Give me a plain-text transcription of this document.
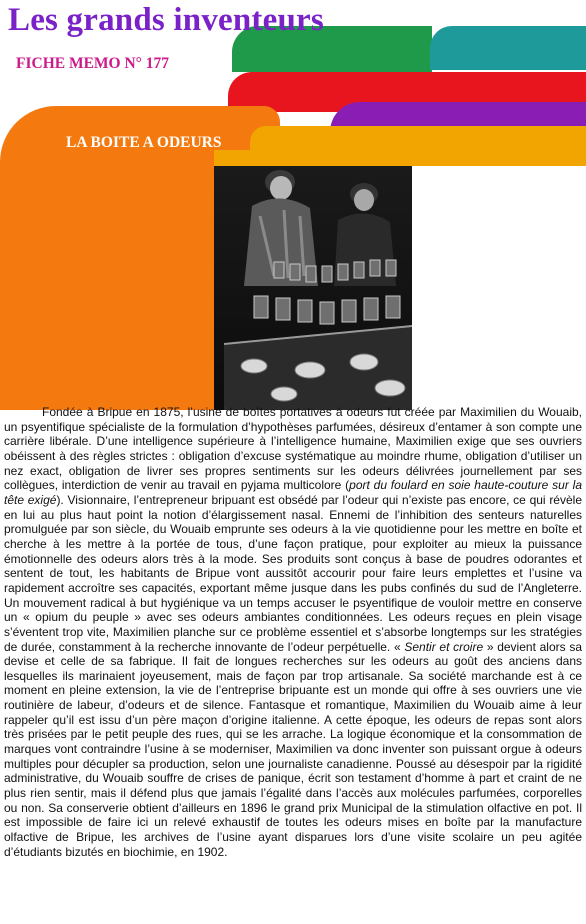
Les grands inventeurs
FICHE MEMO N° 177
LA BOITE A ODEURS

Fondée à Bripue en 1875, l’usine de boîtes portatives à odeurs fut créée par Maximilien du Wouaib, un psyentifique spécialiste de la formulation d’hypothèses parfumées, désireux d’entamer à son compte une carrière libérale. D’une intelligence supérieure à l’intelligence humaine, Maximilien exige que ses ouvriers obéissent à des règles strictes : obligation d’excuse systématique au moindre rhume, obligation d’utiliser un nez exact, obligation de livrer ses propres sentiments sur les odeurs délivrées journellement par ses collègues, interdiction de venir au travail en pyjama multicolore (port du foulard en soie haute-couture sur la tête exigé). Visionnaire, l’entrepreneur bripuant est obsédé par l’odeur qui n’existe pas encore, ce qui révèle en lui au plus haut point la notion d’élargissement nasal. Ennemi de l’inhibition des senteurs naturelles promulguée par son siècle, du Wouaib emprunte ses odeurs à la vie quotidienne pour les mettre en boîte et cherche à les mettre à la portée de tous, d’une façon pratique, pour exploiter au mieux la puissance émotionnelle des odeurs alors très à la mode. Ses produits sont conçus à base de poudres odorantes et sentent de tout, les habitants de Bripue vont aussitôt accourir pour faire leurs emplettes et l’usine va rapidement accroître ses capacités, exportant même jusque dans les pubs confinés du sud de l’Angleterre. Un mouvement radical à but hygiénique va un temps accuser le psyentifique de vouloir mettre en conserve un « opium du peuple » avec ses odeurs ambiantes conditionnées. Les odeurs reçues en plein visage s’éventent trop vite, Maximilien planche sur ce problème essentiel et s’absorbe longtemps sur les stratégies de durée, constamment à la recherche innovante de l’odeur perpétuelle. « Sentir et croire » devient alors sa devise et celle de sa fabrique. Il fait de longues recherches sur les odeurs au goût des anciens dans lesquelles ils marinaient joyeusement, mais de façon par trop artisanale. Sa société marchande est à ce moment en pleine extension, la vie de l’entreprise bripuante est un monde qui offre à ses ouvriers une vie routinière de labeur, d’odeurs et de silence. Fantasque et romantique, Maximilien du Wouaib aime à leur rappeler qu’il est issu d’un père maçon d’origine italienne. A cette époque, les odeurs de repas sont alors très prisées par le petit peuple des rues, qui se les arrache. La logique économique et la consommation de marques vont contraindre l’usine à se moderniser, Maximilien va donc inventer son puissant orgue à odeurs multiples pour décupler sa production, selon une journaliste canadienne. Poussé au désespoir par la rigidité administrative, du Wouaib souffre de crises de panique, écrit son testament d’homme à part et craint de ne plus rien sentir, mais il défend plus que jamais l’égalité dans l’accès aux molécules parfumées, corporelles ou non. Sa conserverie obtient d’ailleurs en 1896 le grand prix Municipal de la stimulation olfactive en pot. Il est impossible de faire ici un relevé exhaustif de toutes les odeurs mises en boîte par la manufacture olfactive de Bripue, les archives de l’usine ayant disparues lors d’une visite scolaire un peu agitée d’étudiants bizutés en biochimie, en 1902.
